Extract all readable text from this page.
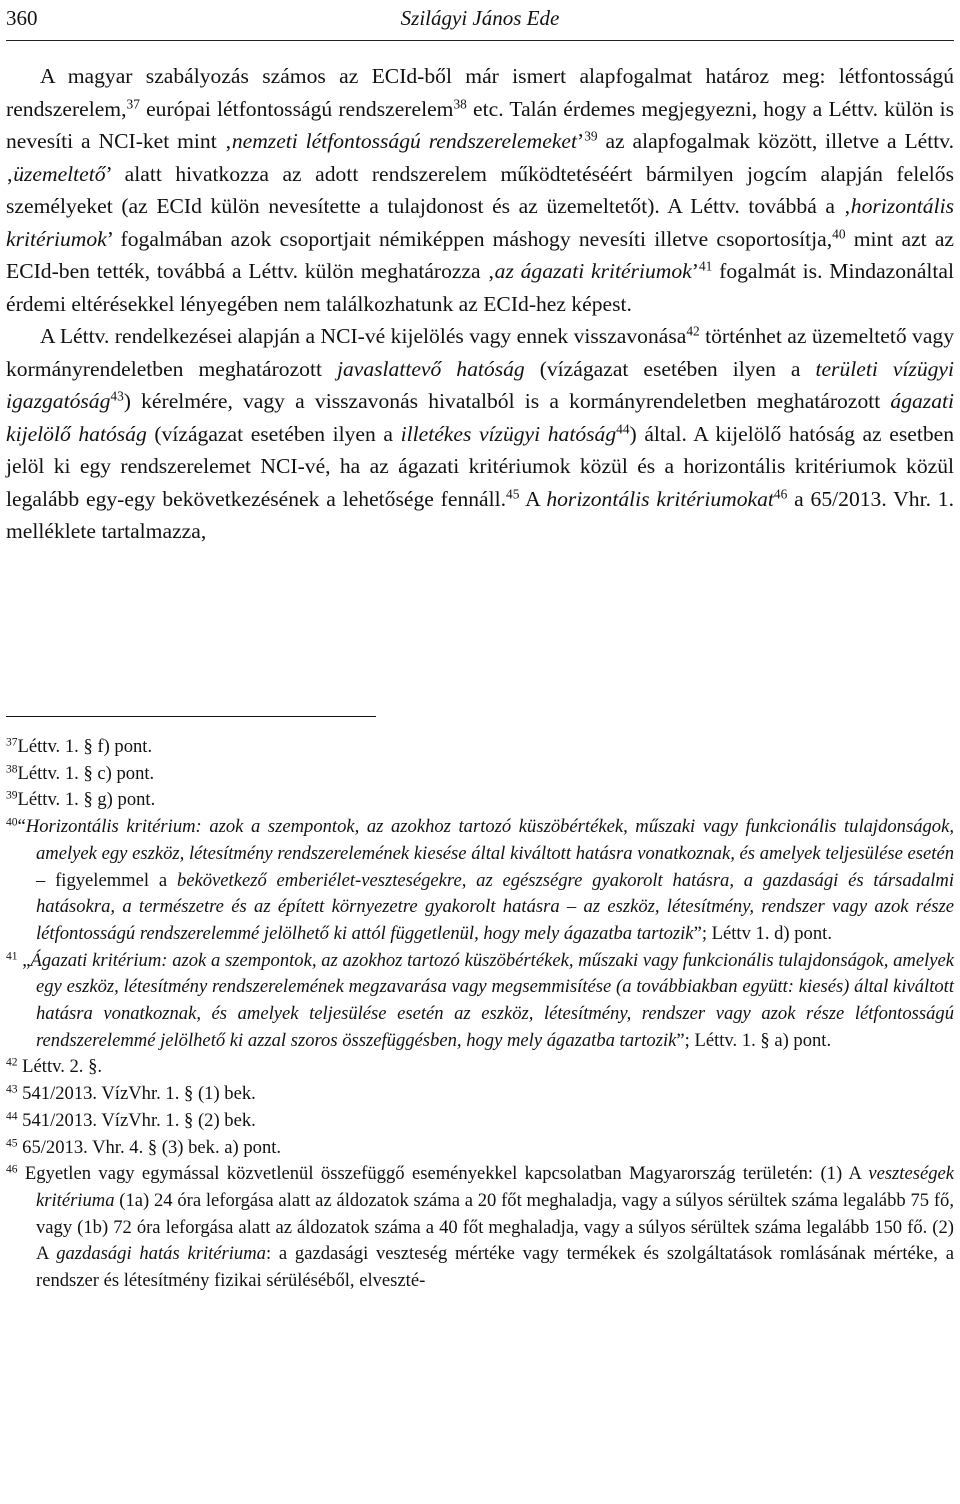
360	Szilágyi János Ede

A magyar szabályozás számos az ECId-ből már ismert alapfogalmat határoz meg: létfontosságú rendszerelem,$^{37}$ európai létfontosságú rendszerelem$^{38}$ etc. Talán érdemes megjegyezni, hogy a Léttv. külön is nevesíti a NCI-ket mint ‚nemzeti létfontosságú rendszerelemeket’$^{39}$ az alapfogalmak között, illetve a Léttv. ‚üzemeltető’ alatt hivatkozza az adott rendszerelem működtetéséért bármilyen jogcím alapján felelős személyeket (az ECId külön nevesítette a tulajdonost és az üzemeltetőt). A Léttv. továbbá a ‚horizontális kritériumok’ fogalmában azok csoportjait némiképpen máshogy nevesíti illetve csoportosítja,$^{40}$ mint azt az ECId-ben tették, továbbá a Léttv. külön meghatározza ‚az ágazati kritériumok’$^{41}$ fogalmát is. Mindazonáltal érdemi eltérésekkel lényegében nem találkozhatunk az ECId-hez képest.

A Léttv. rendelkezései alapján a NCI-vé kijelölés vagy ennek visszavonása$^{42}$ történhet az üzemeltető vagy kormányrendeletben meghatározott javaslattevő hatóság (vízágazat esetében ilyen a területi vízügyi igazgatóság$^{43}$) kérelmére, vagy a visszavonás hivatalból is a kormányrendeletben meghatározott ágazati kijelölő hatóság (vízágazat esetében ilyen a illetékes vízügyi hatóság$^{44}$) által. A kijelölő hatóság az esetben jelöl ki egy rendszerelemet NCI-vé, ha az ágazati kritériumok közül és a horizontális kritériumok közül legalább egy-egy bekövetkezésének a lehetősége fennáll.$^{45}$ A horizontális kritériumokat$^{46}$ a 65/2013. Vhr. 1. melléklete tartalmazza,

$^{37}$Léttv. 1. § f) pont.
$^{38}$Léttv. 1. § c) pont.
$^{39}$Léttv. 1. § g) pont.
$^{40}$“Horizontális kritérium: azok a szempontok, az azokhoz tartozó küszöbértékek, műszaki vagy funkcionális tulajdonságok, amelyek egy eszköz, létesítmény rendszerelemének kiesése által kiváltott hatásra vonatkoznak, és amelyek teljesülése esetén – figyelemmel a bekövetkező emberiélet-veszteségekre, az egészségre gyakorolt hatásra, a gazdasági és társadalmi hatásokra, a természetre és az épített környezetre gyakorolt hatásra – az eszköz, létesítmény, rendszer vagy azok része létfontosságú rendszerelemmé jelölhető ki attól függetlenül, hogy mely ágazatba tartozik”; Léttv 1. d) pont.
$^{41}$ „Ágazati kritérium: azok a szempontok, az azokhoz tartozó küszöbértékek, műszaki vagy funkcionális tulajdonságok, amelyek egy eszköz, létesítmény rendszerelemének megzavarása vagy megsemmisítése (a továbbiakban együtt: kiesés) által kiváltott hatásra vonatkoznak, és amelyek teljesülése esetén az eszköz, létesítmény, rendszer vagy azok része létfontosságú rendszerelemmé jelölhető ki azzal szoros összefüggésben, hogy mely ágazatba tartozik”; Léttv. 1. § a) pont.
$^{42}$ Léttv. 2. §.
$^{43}$ 541/2013. VízVhr. 1. § (1) bek.
$^{44}$ 541/2013. VízVhr. 1. § (2) bek.
$^{45}$ 65/2013. Vhr. 4. § (3) bek. a) pont.
$^{46}$ Egyetlen vagy egymással közvetlenül összefüggő eseményekkel kapcsolatban Magyarország területén: (1) A veszteségek kritériuma (1a) 24 óra leforgása alatt az áldozatok száma a 20 főt meghaladja, vagy a súlyos sérültek száma legalább 75 fő, vagy (1b) 72 óra leforgása alatt az áldozatok száma a 40 főt meghaladja, vagy a súlyos sérültek száma legalább 150 fő. (2) A gazdasági hatás kritériuma: a gazdasági veszteség mértéke vagy termékek és szolgáltatások romlásának mértéke, a rendszer és létesítmény fizikai sérüléséből, elveszté-
